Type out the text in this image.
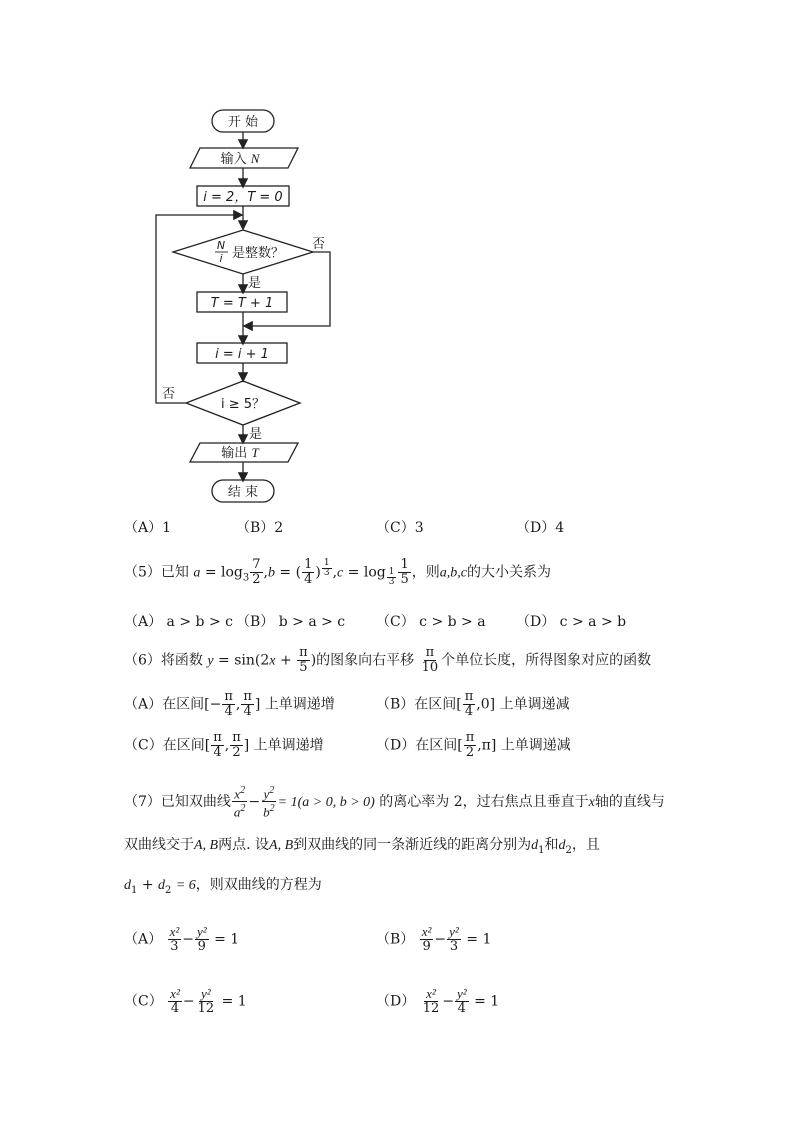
开 始
输入 N
i = 2，T = 0
N
i 是整数？
否
是
T = T + 1
i = i + 1
i ≥ 5？
否
是
输出 T
结 束
（A）1	（B）2	（C）3	（D）4
（5）已知 $a = \log_3 \frac{7}{2} ,b$ = ( $\frac{1}{4}$ ) $^{\frac{1}{3}}$ $,c = \log _{\frac{1}{3}} \frac{1}{5}$ ，则a,b,c的大小关系为
（A） a > b > c （B） b > a > c （C） c > b > a （D） c > a > b
（6）将函数 $y = \sin(2x + \frac{\pi}{5}$ )的图象向右平移 $\frac{\pi}{10}$ 个单位长度，所得图象对应的函数
（A）在区间[− $\frac{\pi}{4}$ , $\frac{\pi}{4}$ ] 上单调递增	（B）在区间[ $\frac{\pi}{4} ,0$] 上单调递减
（C）在区间[ $\frac{\pi}{4}$ , $\frac{\pi}{2}$ ] 上单调递增	（D）在区间[ $\frac{\pi}{2} ,\pi$] 上单调递减
（7）已知双曲线 $\frac{x^2}{a^2} - \frac{y^2}{b^2} = 1(a > 0$, b > 0) 的离心率为 2，过右焦点且垂直于x轴的直线与
双曲线交于A, B两点. 设A, B到双曲线的同一条渐近线的距离分别为$d_1$和$d_2$，且
$d_1 + d_2 = 6$，则双曲线的方程为
$(A) \frac{\text{x²}}{3} - \frac{\text{y²}}{9} = 1$	$(B) \frac{\text{x²}}{9} - \frac{\text{y²}}{3} = 1$
$(C) \frac{\text{x²}}{4} - \frac{\text{y²}}{12} = 1$	$(D) \frac{\text{x²}}{12} - \frac{\text{y²}}{4} = 1$
